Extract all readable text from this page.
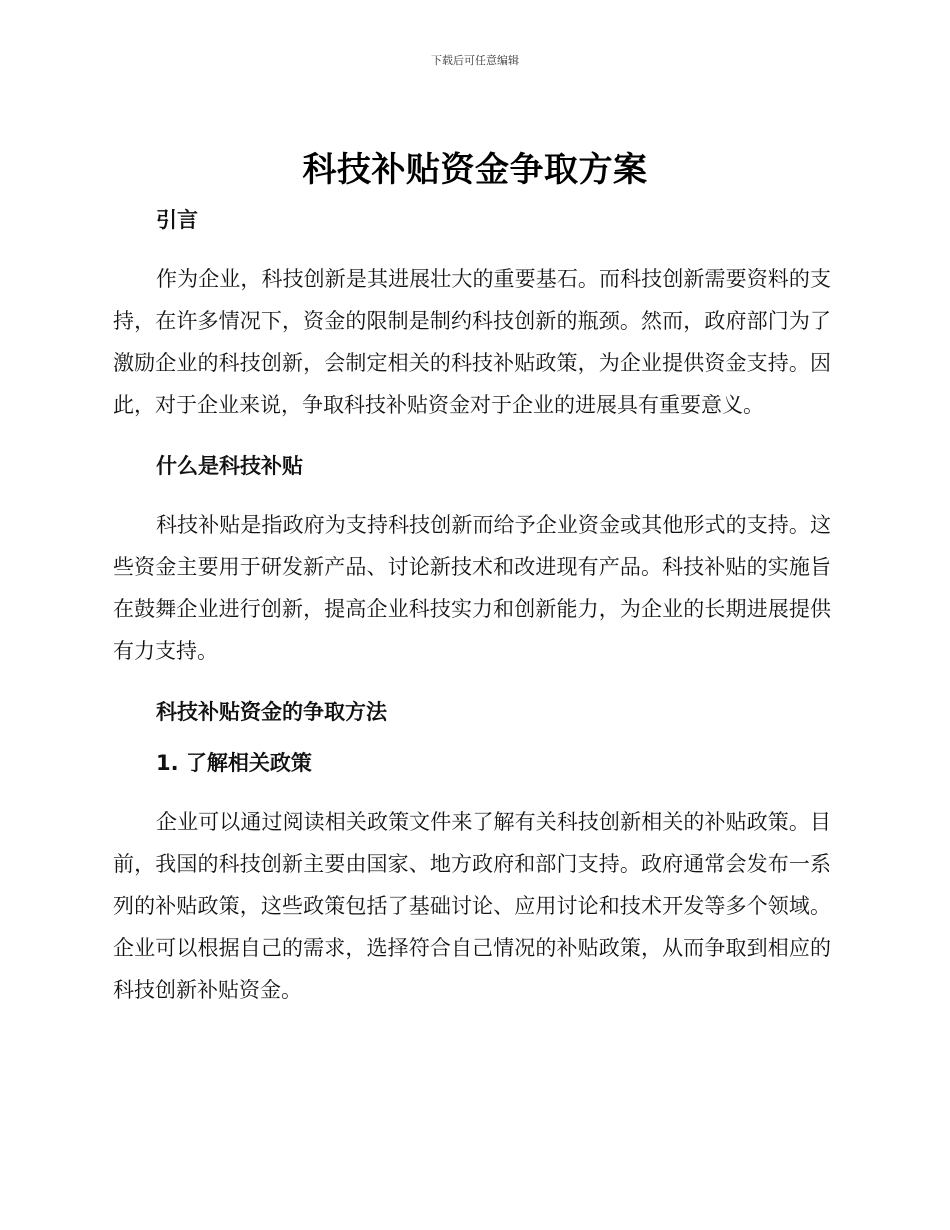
下载后可任意编辑
科技补贴资金争取方案
引言

作为企业，科技创新是其进展壮大的重要基石。而科技创新需要资料的支持，在许多情况下，资金的限制是制约科技创新的瓶颈。然而，政府部门为了激励企业的科技创新，会制定相关的科技补贴政策，为企业提供资金支持。因此，对于企业来说，争取科技补贴资金对于企业的进展具有重要意义。

什么是科技补贴

科技补贴是指政府为支持科技创新而给予企业资金或其他形式的支持。这些资金主要用于研发新产品、讨论新技术和改进现有产品。科技补贴的实施旨在鼓舞企业进行创新，提高企业科技实力和创新能力，为企业的长期进展提供有力支持。

科技补贴资金的争取方法
1. 了解相关政策

企业可以通过阅读相关政策文件来了解有关科技创新相关的补贴政策。目前，我国的科技创新主要由国家、地方政府和部门支持。政府通常会发布一系列的补贴政策，这些政策包括了基础讨论、应用讨论和技术开发等多个领域。企业可以根据自己的需求，选择符合自己情况的补贴政策，从而争取到相应的科技创新补贴资金。
